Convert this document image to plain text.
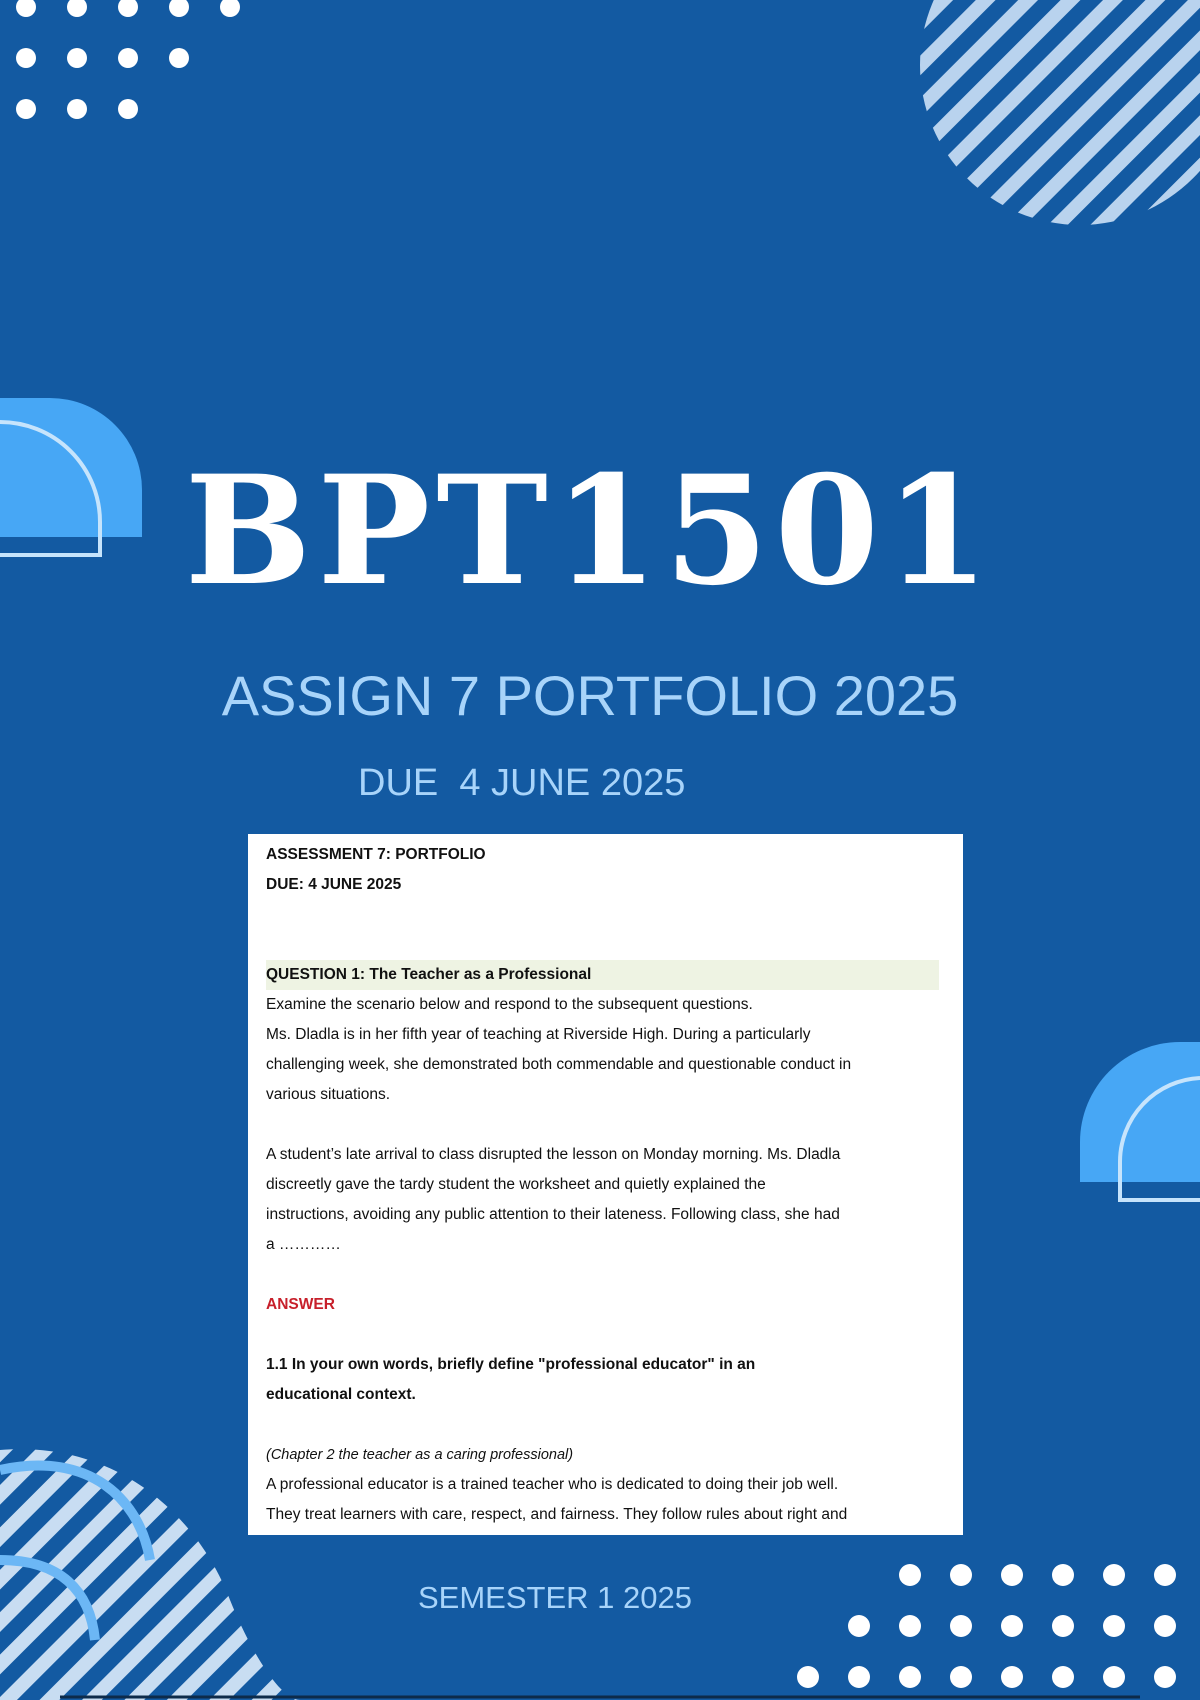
BPT1501

ASSIGN 7 PORTFOLIO 2025

DUE  4 JUNE 2025

ASSESSMENT 7: PORTFOLIO

DUE: 4 JUNE 2025

QUESTION 1: The Teacher as a Professional

Examine the scenario below and respond to the subsequent questions.

Ms. Dladla is in her fifth year of teaching at Riverside High. During a particularly

challenging week, she demonstrated both commendable and questionable conduct in

various situations.

A student’s late arrival to class disrupted the lesson on Monday morning. Ms. Dladla

discreetly gave the tardy student the worksheet and quietly explained the

instructions, avoiding any public attention to their lateness. Following class, she had

a …………

ANSWER

1.1 In your own words, briefly define "professional educator" in an

educational context.

(Chapter 2 the teacher as a caring professional)

A professional educator is a trained teacher who is dedicated to doing their job well.

They treat learners with care, respect, and fairness. They follow rules about right and

SEMESTER 1 2025
